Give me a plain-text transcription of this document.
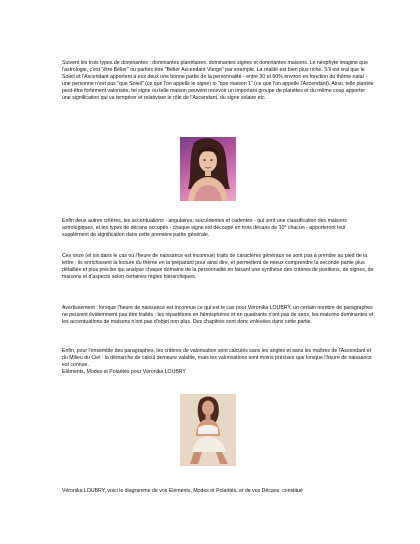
Suivent les trois types de dominantes : dominantes planétaires, dominantes signes et dominantes maisons. Le néophyte imagine que l'astrologie, c'est "être Bélier" ou parfois être "Bélier Ascendant Vierge" par exemple. La réalité est bien plus riche. S'il est vrai que le Soleil et l'Ascendant apportent à eux deux une bonne partie de la personnalité - entre 30 et 60% environ en fonction du thème natal - une personne n'est pas "que Soleil" (ce que l'on appelle le signe) ni "que maison 1" (ce que l'on appelle l'Ascendant). Ainsi, telle planète peut-être fortement valorisée, tel signe ou telle maison peuvent recevoir un important groupe de planètes et du même coup apporter une signification qui va tempérer et relativiser le rôle de l'Ascendant, du signe solaire etc.

Enfin deux autres critères, les accentuations - angulaires, succédentes et cadentes - qui sont une classification des maisons astrologiques, et les types de décans occupés - chaque signe est découpé en trois décans de 10° chacun - apporteront leur supplément de signification dans cette première partie générale.

Ces onze (et six dans le cas où l'heure de naissance est inconnue) traits de caractères généraux ne sont pas à prendre au pied de la lettre : ils enrichissent la lecture du thème en la préparant pour ainsi dire, et permettent de mieux comprendre la seconde partie plus détaillée et plus précise qui analyse chaque domaine de la personnalité en faisant une synthèse des critères de positions, de signes, de maisons et d'aspects selon certaines règles hiérarchiques.

Avertissement : lorsque l'heure de naissance est inconnue ce qui est le cas pour Véronika LOUBRY, un certain nombre de paragraphes ne peuvent évidemment pas être traités : les répartitions en hémisphères et en quadrants n'ont pas de sens, les maisons dominantes et les accentuations de maisons n'ont pas d'objet non plus. Des chapitres sont donc enlevées dans cette partie.

Enfin, pour l'ensemble des paragraphes, les critères de valorisation sont calculés sans les angles et sans les maîtres de l'Ascendant et du Milieu du Ciel : la démarche de calcul demeure valable, mais les valorisations sont moins précises que lorsque l'heure de naissance est connue.
Eléments, Modes et Polarités pour Véronika LOUBRY

Véronika LOUBRY, voici le diagramme de vos Eléments, Modes et Polarités, et de vos Décans, constitué
